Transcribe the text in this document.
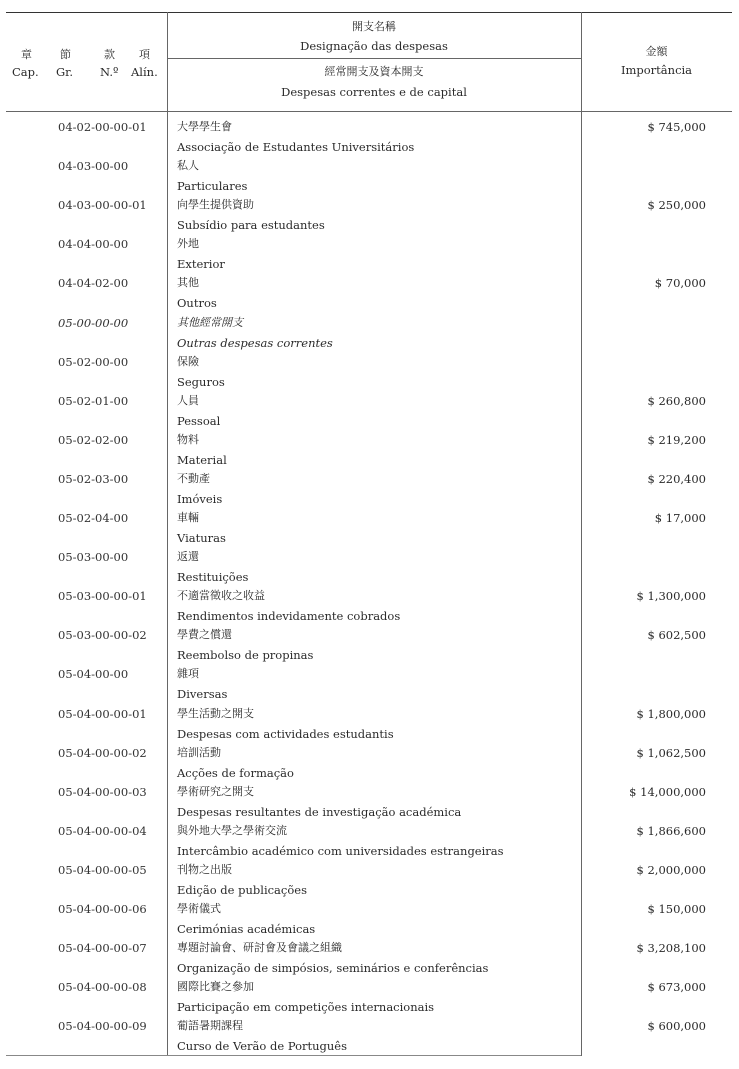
章	節	款 項
Cap. Gr. N.º Alín.
開支名稱
Designação das despesas
經常開支及資本開支
Despesas correntes e de capital
金額
Importância
04-02-00-00-01	大學學生會
Associação de Estudantes Universitários
$ 745,000
04-03-00-00	私人
Particulares
04-03-00-00-01	向學生提供資助
Subsídio para estudantes
$ 250,000
04-04-00-00	外地
Exterior
04-04-02-00	其他
Outros
$ 70,000
05-00-00-00	其他經常開支
Outras despesas correntes
05-02-00-00	保險
Seguros
05-02-01-00	人員
Pessoal
$ 260,800
05-02-02-00	物料
Material
$ 219,200
05-02-03-00	不動產
Imóveis
$ 220,400
05-02-04-00	車輛
Viaturas
$ 17,000
05-03-00-00	返還
Restituições
05-03-00-00-01	不適當徵收之收益
Rendimentos indevidamente cobrados
$ 1,300,000
05-03-00-00-02	學費之償還
Reembolso de propinas
$ 602,500
05-04-00-00	雜項
Diversas
05-04-00-00-01	學生活動之開支
Despesas com actividades estudantis
$ 1,800,000
05-04-00-00-02	培訓活動
Acções de formação
$ 1,062,500
05-04-00-00-03	學術研究之開支
Despesas resultantes de investigação académica
$ 14,000,000
05-04-00-00-04	與外地大學之學術交流
Intercâmbio académico com universidades estrangeiras
$ 1,866,600
05-04-00-00-05	刊物之出版
Edição de publicações
$ 2,000,000
05-04-00-00-06	學術儀式
Cerimónias académicas
$ 150,000
05-04-00-00-07	專題討論會、研討會及會議之組織
Organização de simpósios, seminários e conferências
$ 3,208,100
05-04-00-00-08	國際比賽之參加
Participação em competições internacionais
$ 673,000
05-04-00-00-09	葡語暑期課程
Curso de Verão de Português
$ 600,000
